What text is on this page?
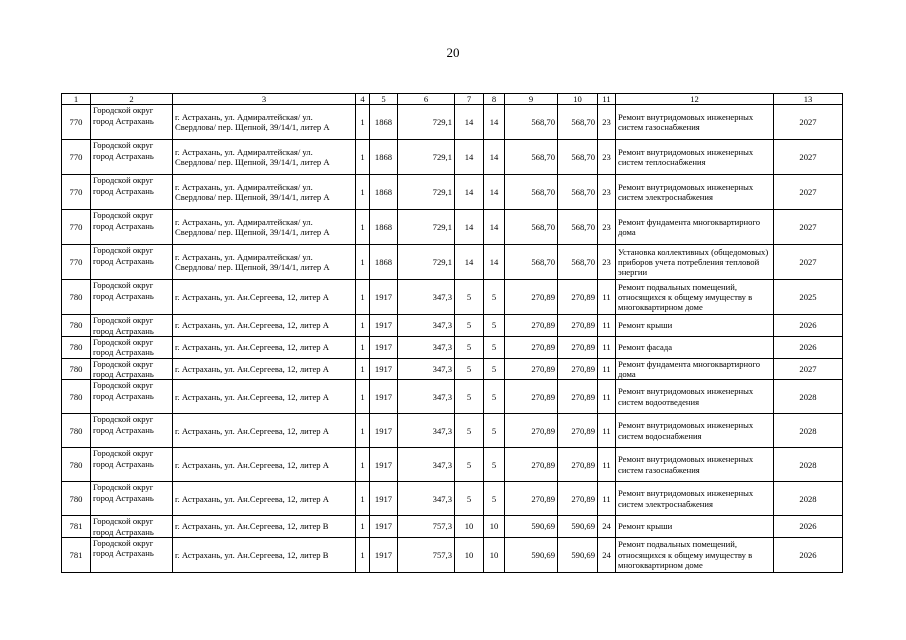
20
1	2	3	4	5	6	7	8	9	10	11	12	13
770	Городской округ город Астрахань	г. Астрахань, ул. Адмиралтейская/ ул. Свердлова/ пер. Щепной, 39/14/1, литер А	1	1868	729,1	14	14	568,70	568,70	23	Ремонт внутридомовых инженерных систем газоснабжения	2027
770	Городской округ город Астрахань	г. Астрахань, ул. Адмиралтейская/ ул. Свердлова/ пер. Щепной, 39/14/1, литер А	1	1868	729,1	14	14	568,70	568,70	23	Ремонт внутридомовых инженерных систем теплоснабжения	2027
770	Городской округ город Астрахань	г. Астрахань, ул. Адмиралтейская/ ул. Свердлова/ пер. Щепной, 39/14/1, литер А	1	1868	729,1	14	14	568,70	568,70	23	Ремонт внутридомовых инженерных систем электроснабжения	2027
770	Городской округ город Астрахань	г. Астрахань, ул. Адмиралтейская/ ул. Свердлова/ пер. Щепной, 39/14/1, литер А	1	1868	729,1	14	14	568,70	568,70	23	Ремонт фундамента многоквартирного дома	2027
770	Городской округ город Астрахань	г. Астрахань, ул. Адмиралтейская/ ул. Свердлова/ пер. Щепной, 39/14/1, литер А	1	1868	729,1	14	14	568,70	568,70	23	Установка коллективных (общедомовых) приборов учета потребления тепловой энергии	2027
780	Городской округ город Астрахань	г. Астрахань, ул. Ан.Сергеева, 12, литер А	1	1917	347,3	5	5	270,89	270,89	11	Ремонт подвальных помещений, относящихся к общему имуществу в многоквартирном доме	2025
780	Городской округ город Астрахань	г. Астрахань, ул. Ан.Сергеева, 12, литер А	1	1917	347,3	5	5	270,89	270,89	11	Ремонт крыши	2026
780	Городской округ город Астрахань	г. Астрахань, ул. Ан.Сергеева, 12, литер А	1	1917	347,3	5	5	270,89	270,89	11	Ремонт фасада	2026
780	Городской округ город Астрахань	г. Астрахань, ул. Ан.Сергеева, 12, литер А	1	1917	347,3	5	5	270,89	270,89	11	Ремонт фундамента многоквартирного дома	2027
780	Городской округ город Астрахань	г. Астрахань, ул. Ан.Сергеева, 12, литер А	1	1917	347,3	5	5	270,89	270,89	11	Ремонт внутридомовых инженерных систем водоотведения	2028
780	Городской округ город Астрахань	г. Астрахань, ул. Ан.Сергеева, 12, литер А	1	1917	347,3	5	5	270,89	270,89	11	Ремонт внутридомовых инженерных систем водоснабжения	2028
780	Городской округ город Астрахань	г. Астрахань, ул. Ан.Сергеева, 12, литер А	1	1917	347,3	5	5	270,89	270,89	11	Ремонт внутридомовых инженерных систем газоснабжения	2028
780	Городской округ город Астрахань	г. Астрахань, ул. Ан.Сергеева, 12, литер А	1	1917	347,3	5	5	270,89	270,89	11	Ремонт внутридомовых инженерных систем электроснабжения	2028
781	Городской округ город Астрахань	г. Астрахань, ул. Ан.Сергеева, 12, литер В	1	1917	757,3	10	10	590,69	590,69	24	Ремонт крыши	2026
781	Городской округ город Астрахань	г. Астрахань, ул. Ан.Сергеева, 12, литер В	1	1917	757,3	10	10	590,69	590,69	24	Ремонт подвальных помещений, относящихся к общему имуществу в многоквартирном доме	2026
